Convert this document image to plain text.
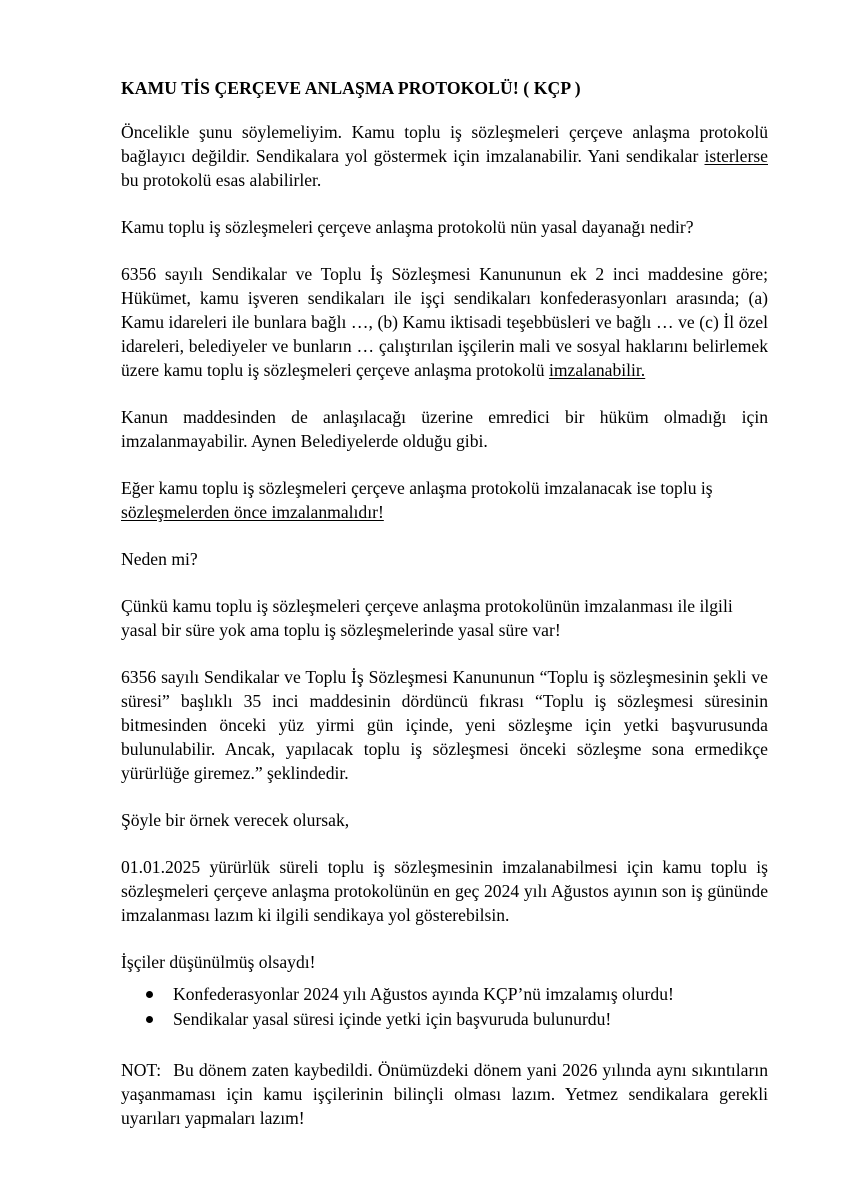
KAMU TİS ÇERÇEVE ANLAŞMA PROTOKOLÜ! ( KÇP )

Öncelikle şunu söylemeliyim. Kamu toplu iş sözleşmeleri çerçeve anlaşma protokolü bağlayıcı değildir. Sendikalara yol göstermek için imzalanabilir. Yani sendikalar isterlerse bu protokolü esas alabilirler.

Kamu toplu iş sözleşmeleri çerçeve anlaşma protokolü nün yasal dayanağı nedir?

6356 sayılı Sendikalar ve Toplu İş Sözleşmesi Kanununun ek 2 inci maddesine göre; Hükümet, kamu işveren sendikaları ile işçi sendikaları konfederasyonları arasında; (a) Kamu idareleri ile bunlara bağlı …, (b) Kamu iktisadi teşebbüsleri ve bağlı … ve (c) İl özel idareleri, belediyeler ve bunların … çalıştırılan işçilerin mali ve sosyal haklarını belirlemek üzere kamu toplu iş sözleşmeleri çerçeve anlaşma protokolü imzalanabilir.

Kanun maddesinden de anlaşılacağı üzerine emredici bir hüküm olmadığı için imzalanmayabilir. Aynen Belediyelerde olduğu gibi.

Eğer kamu toplu iş sözleşmeleri çerçeve anlaşma protokolü imzalanacak ise toplu iş sözleşmelerden önce imzalanmalıdır!

Neden mi?

Çünkü kamu toplu iş sözleşmeleri çerçeve anlaşma protokolünün imzalanması ile ilgili yasal bir süre yok ama toplu iş sözleşmelerinde yasal süre var!

6356 sayılı Sendikalar ve Toplu İş Sözleşmesi Kanununun “Toplu iş sözleşmesinin şekli ve süresi” başlıklı 35 inci maddesinin dördüncü fıkrası “Toplu iş sözleşmesi süresinin bitmesinden önceki yüz yirmi gün içinde, yeni sözleşme için yetki başvurusunda bulunulabilir. Ancak, yapılacak toplu iş sözleşmesi önceki sözleşme sona ermedikçe yürürlüğe giremez.” şeklindedir.

Şöyle bir örnek verecek olursak,

01.01.2025 yürürlük süreli toplu iş sözleşmesinin imzalanabilmesi için kamu toplu iş sözleşmeleri çerçeve anlaşma protokolünün en geç 2024 yılı Ağustos ayının son iş gününde imzalanması lazım ki ilgili sendikaya yol gösterebilsin.

İşçiler düşünülmüş olsaydı!

Konfederasyonlar 2024 yılı Ağustos ayında KÇP’nü imzalamış olurdu!
Sendikalar yasal süresi içinde yetki için başvuruda bulunurdu!

NOT: Bu dönem zaten kaybedildi. Önümüzdeki dönem yani 2026 yılında aynı sıkıntıların yaşanmaması için kamu işçilerinin bilinçli olması lazım. Yetmez sendikalara gerekli uyarıları yapmaları lazım!
